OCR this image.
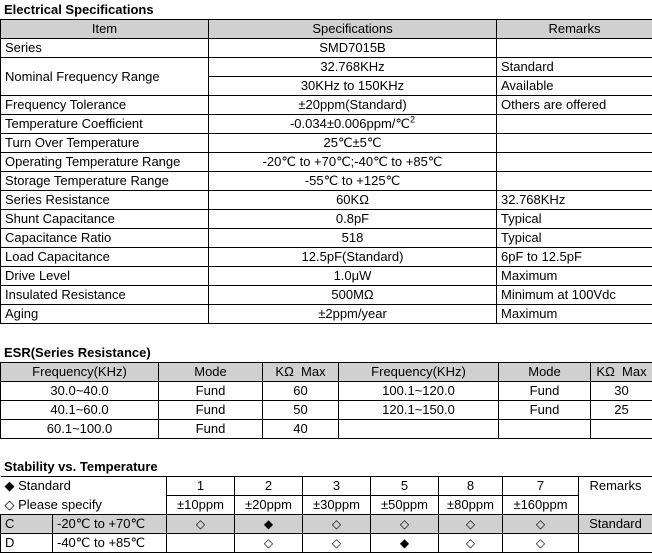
Electrical Specifications
Item	Specifications	Remarks
Series	SMD7015B	
Nominal Frequency Range	32.768KHz	Standard
	30KHz to 150KHz	Available
Frequency Tolerance	±20ppm(Standard)	Others are offered
Temperature Coefficient	-0.034±0.006ppm/℃$^2$	
Turn Over Temperature	25℃±5℃	
Operating Temperature Range	-20℃ to +70℃;-40℃ to +85℃	
Storage Temperature Range	-55℃ to +125℃	
Series Resistance	60KΩ	32.768KHz
Shunt Capacitance	0.8pF	Typical
Capacitance Ratio	518	Typical
Load Capacitance	12.5pF(Standard)	6pF to 12.5pF
Drive Level	1.0μW	Maximum
Insulated Resistance	500MΩ	Minimum at 100Vdc
Aging	±2ppm/year	Maximum
ESR(Series Resistance)
Frequency(KHz)	Mode	KΩ  Max	Frequency(KHz)	Mode	KΩ  Max
30.0~40.0	Fund	60	100.1~120.0	Fund	30
40.1~60.0	Fund	50	120.1~150.0	Fund	25
60.1~100.0	Fund	40			
Stability vs. Temperature
◆ Standard		1	2	3	5	8	7	Remarks
◇ Please specify		±10ppm	±20ppm	±30ppm	±50ppm	±80ppm	±160ppm	
C	-20℃ to +70℃	◇	◆	◇	◇	◇	◇	Standard
D	-40℃ to +85℃		◇	◇	◆	◇	◇	
